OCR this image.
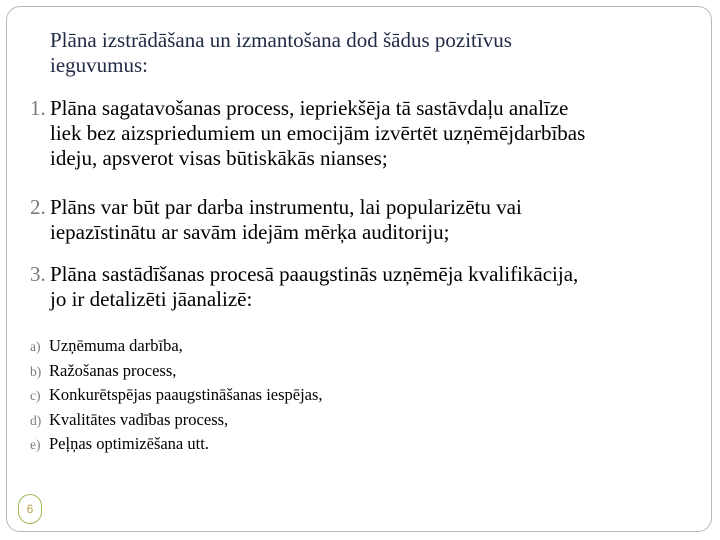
Plāna izstrādāšana un izmantošana dod šādus pozitīvus
ieguvumus:
1. Plāna sagatavošanas process, iepriekšēja tā sastāvdaļu analīze
liek bez aizspriedumiem un emocijām izvērtēt uzņēmējdarbības
ideju, apsverot visas būtiskākās nianses;
2. Plāns var būt par darba instrumentu, lai popularizētu vai
iepazīstinātu ar savām idejām mērķa auditoriju;
3. Plāna sastādīšanas procesā paaugstinās uzņēmēja kvalifikācija,
jo ir detalizēti jāanalizē:
a) Uzņēmuma darbība,
b) Ražošanas process,
c) Konkurētspējas paaugstināšanas iespējas,
d) Kvalitātes vadības process,
e) Peļņas optimizēšana utt.
6
